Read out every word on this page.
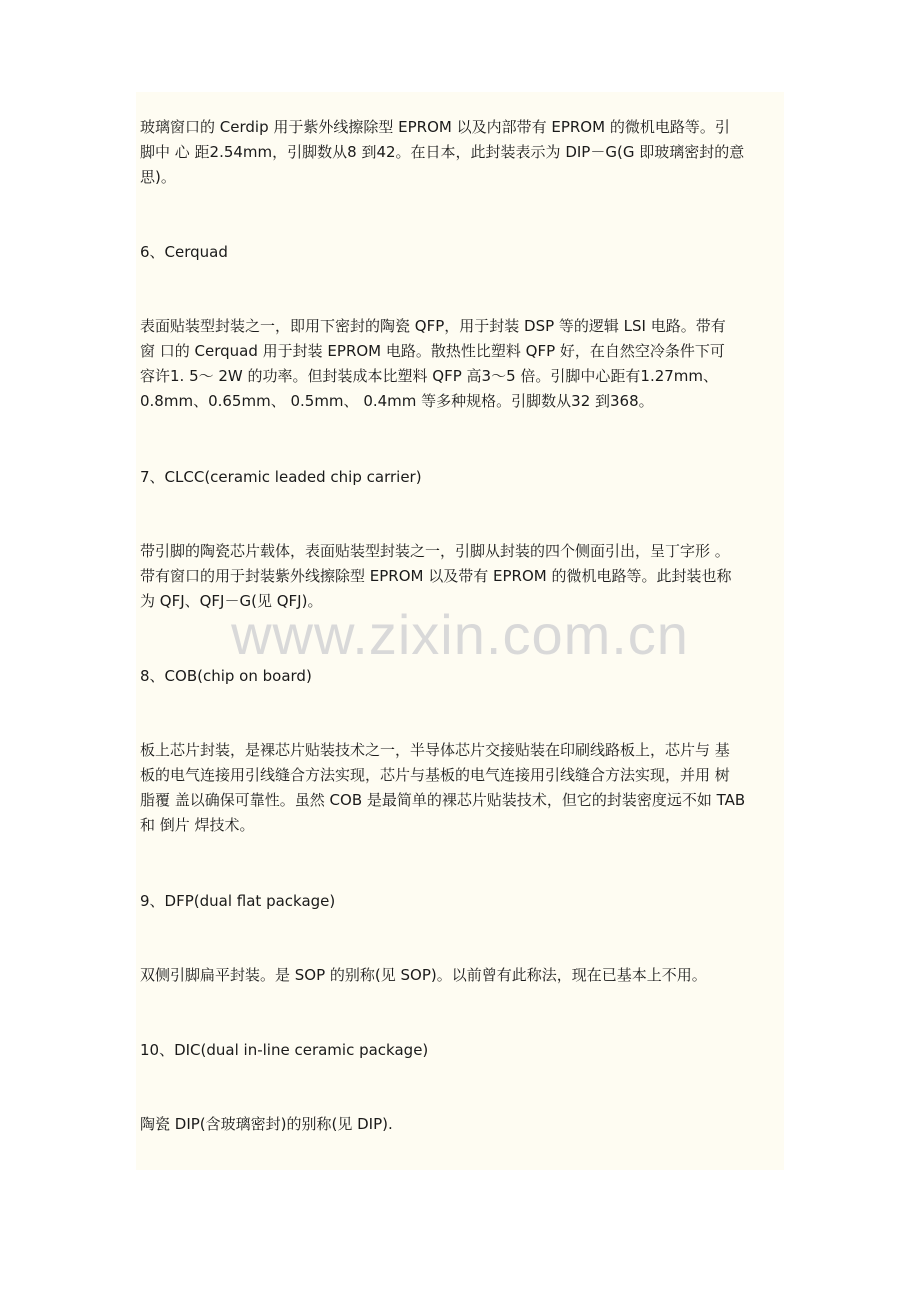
玻璃窗口的 Cerdip 用于紫外线擦除型 EPROM 以及内部带有 EPROM 的微机电路等。引
脚中 心 距2.54mm，引脚数从8 到42。在日本，此封装表示为 DIP－G(G 即玻璃密封的意
思)。
6、Cerquad
表面贴装型封装之一，即用下密封的陶瓷 QFP，用于封装 DSP 等的逻辑 LSI 电路。带有
窗 口的 Cerquad 用于封装 EPROM 电路。散热性比塑料 QFP 好，在自然空冷条件下可
容许1. 5～ 2W 的功率。但封装成本比塑料 QFP 高3～5 倍。引脚中心距有1.27mm、
0.8mm、0.65mm、 0.5mm、 0.4mm 等多种规格。引脚数从32 到368。
7、CLCC(ceramic leaded chip carrier)
带引脚的陶瓷芯片载体，表面贴装型封装之一，引脚从封装的四个侧面引出，呈丁字形 。
带有窗口的用于封装紫外线擦除型 EPROM 以及带有 EPROM 的微机电路等。此封装也称
为 QFJ、QFJ－G(见 QFJ)。
www.zixin.com.cn
8、COB(chip on board)
板上芯片封装，是裸芯片贴装技术之一，半导体芯片交接贴装在印刷线路板上，芯片与 基
板的电气连接用引线缝合方法实现，芯片与基板的电气连接用引线缝合方法实现，并用 树
脂覆 盖以确保可靠性。虽然 COB 是最简单的裸芯片贴装技术，但它的封装密度远不如 TAB
和 倒片 焊技术。
9、DFP(dual flat package)
双侧引脚扁平封装。是 SOP 的别称(见 SOP)。以前曾有此称法，现在已基本上不用。
10、DIC(dual in-line ceramic package)
陶瓷 DIP(含玻璃密封)的别称(见 DIP).
